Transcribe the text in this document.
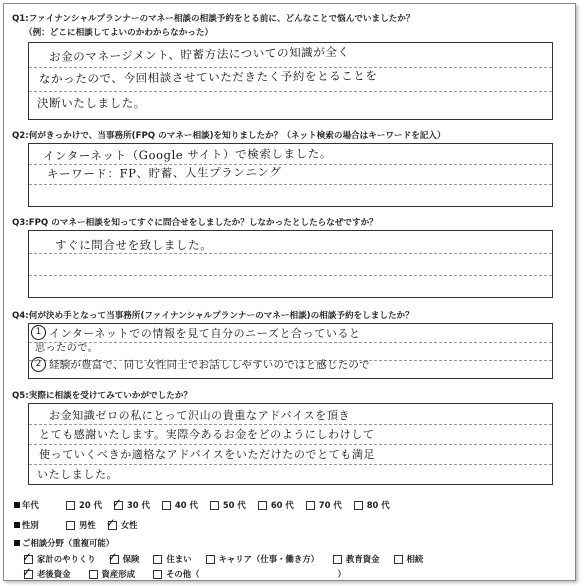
Q1:ファイナンシャルプランナーのマネー相談の相談予約をとる前に、どんなことで悩んでいましたか？
（例：どこに相談してよいのかわからなかった）
お金のマネージメント、貯蓄方法についての知識が全く
なかったので、今回相談させていただきたく予約をとることを
決断いたしました。
Q2:何がきっかけで、当事務所(FPQ のマネー相談)を知りましたか？（ネット検索の場合はキーワードを記入）
インターネット（Google サイト）で検索しました。
キーワード：FP、貯蓄、人生プランニング
Q3:FPQ のマネー相談を知ってすぐに問合せをしましたか？しなかったとしたらなぜですか？
すぐに問合せを致しました。
Q4:何が決め手となって当事務所(ファイナンシャルプランナーのマネー相談)の相談予約をしましたか？
1 インターネットでの情報を見て自分のニーズと合っていると
思ったので。
2 経験が豊富で、同じ女性同士でお話ししやすいのではと感じたので
Q5:実際に相談を受けてみていかがでしたか？
お金知識ゼロの私にとって沢山の貴重なアドバイスを頂き
とても感謝いたします。実際今あるお金をどのようにしわけして
使っていくべきか適格なアドバイスをいただけたのでとても満足
いたしました。
年代	20 代 ✓ 30 代	40 代	50 代	60 代	70 代	80 代
性別	男性 ✓ 女性
ご相談分野（重複可能）
✓ 家計のやりくり ✓ 保険	住まい	キャリア（仕事・働き方）	教育資金	相続
✓ 老後資金	資産形成	その他（	）
